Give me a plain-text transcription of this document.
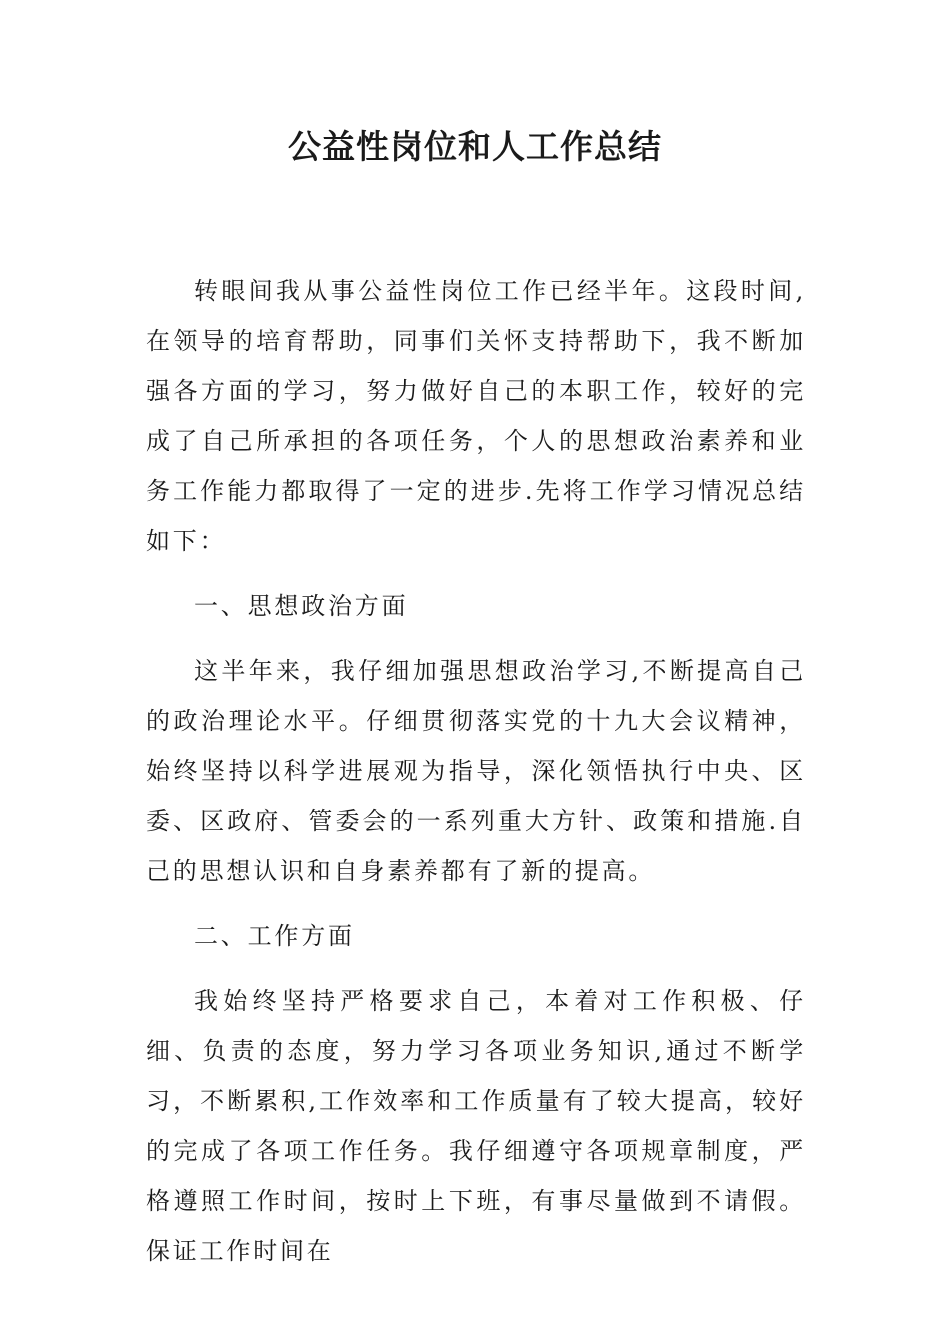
公益性岗位和人工作总结

转眼间我从事公益性岗位工作已经半年。这段时间,在领导的培育帮助，同事们关怀支持帮助下，我不断加强各方面的学习，努力做好自己的本职工作，较好的完成了自己所承担的各项任务，个人的思想政治素养和业务工作能力都取得了一定的进步.先将工作学习情况总结如下：

一、思想政治方面

这半年来，我仔细加强思想政治学习,不断提高自己的政治理论水平。仔细贯彻落实党的十九大会议精神，始终坚持以科学进展观为指导，深化领悟执行中央、区委、区政府、管委会的一系列重大方针、政策和措施.自己的思想认识和自身素养都有了新的提高。

二、工作方面

我始终坚持严格要求自己，本着对工作积极、仔细、负责的态度，努力学习各项业务知识,通过不断学习，不断累积,工作效率和工作质量有了较大提高，较好的完成了各项工作任务。我仔细遵守各项规章制度，严格遵照工作时间，按时上下班，有事尽量做到不请假。保证工作时间在
